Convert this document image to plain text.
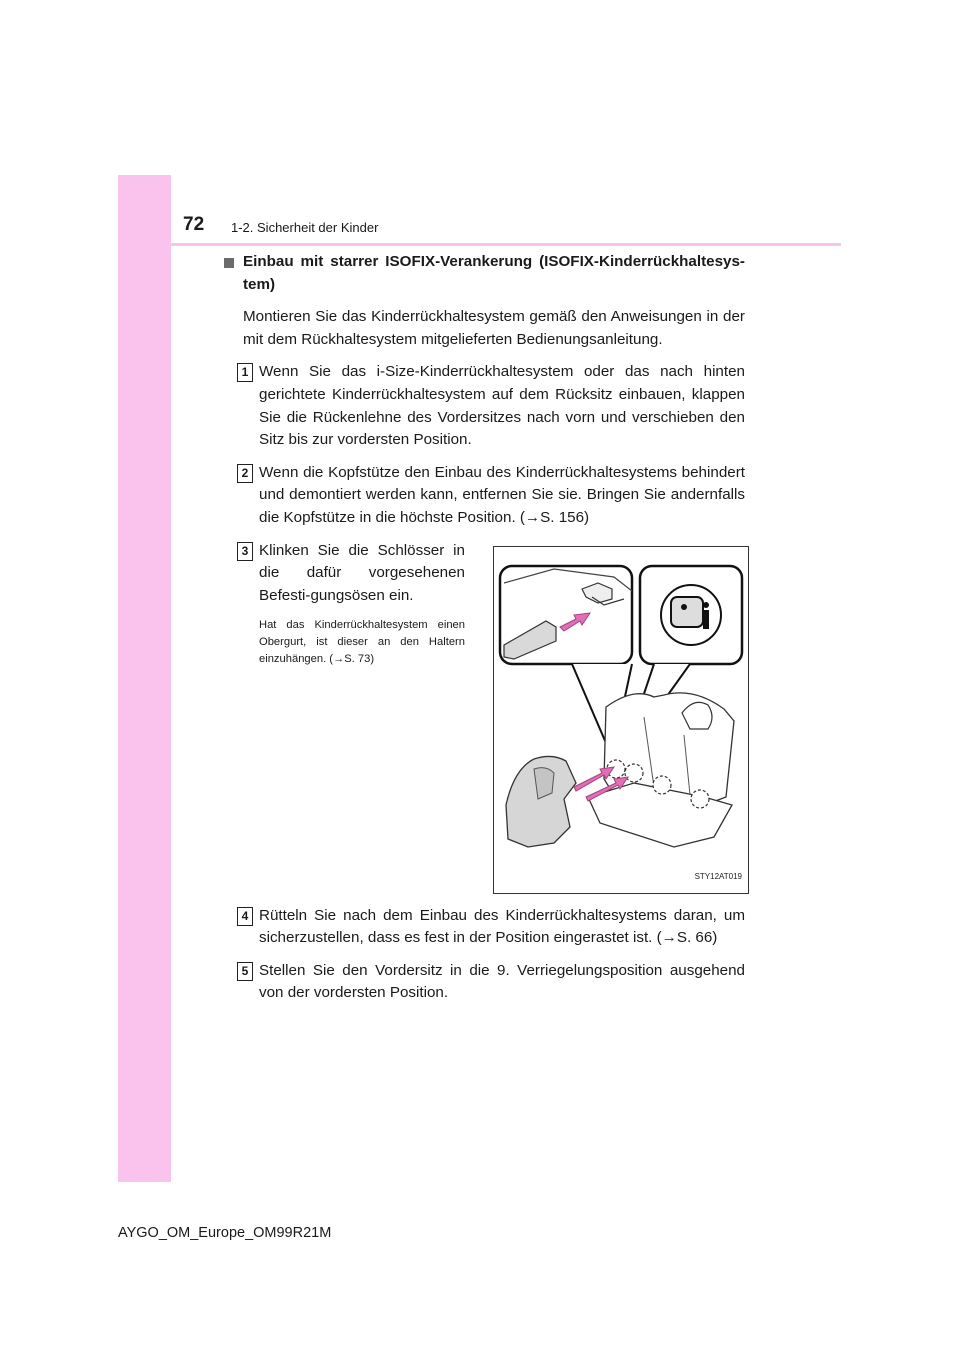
72 1-2. Sicherheit der Kinder
Einbau mit starrer ISOFIX-Verankerung (ISOFIX-Kinderrückhaltesys-tem)
Montieren Sie das Kinderrückhaltesystem gemäß den Anweisungen in der mit dem Rückhaltesystem mitgelieferten Bedienungsanleitung.
1 Wenn Sie das i-Size-Kinderrückhaltesystem oder das nach hinten gerichtete Kinderrückhaltesystem auf dem Rücksitz einbauen, klappen Sie die Rückenlehne des Vordersitzes nach vorn und verschieben den Sitz bis zur vordersten Position.
2 Wenn die Kopfstütze den Einbau des Kinderrückhaltesystems behindert und demontiert werden kann, entfernen Sie sie. Bringen Sie andernfalls die Kopfstütze in die höchste Position. (→S. 156)
3 Klinken Sie die Schlösser in die dafür vorgesehenen Befesti-gungsösen ein.
Hat das Kinderrückhaltesystem einen Obergurt, ist dieser an den Haltern einzuhängen. (→S. 73)
STY12AT019
4 Rütteln Sie nach dem Einbau des Kinderrückhaltesystems daran, um sicherzustellen, dass es fest in der Position eingerastet ist. (→S. 66)
5 Stellen Sie den Vordersitz in die 9. Verriegelungsposition ausgehend von der vordersten Position.
AYGO_OM_Europe_OM99R21M
